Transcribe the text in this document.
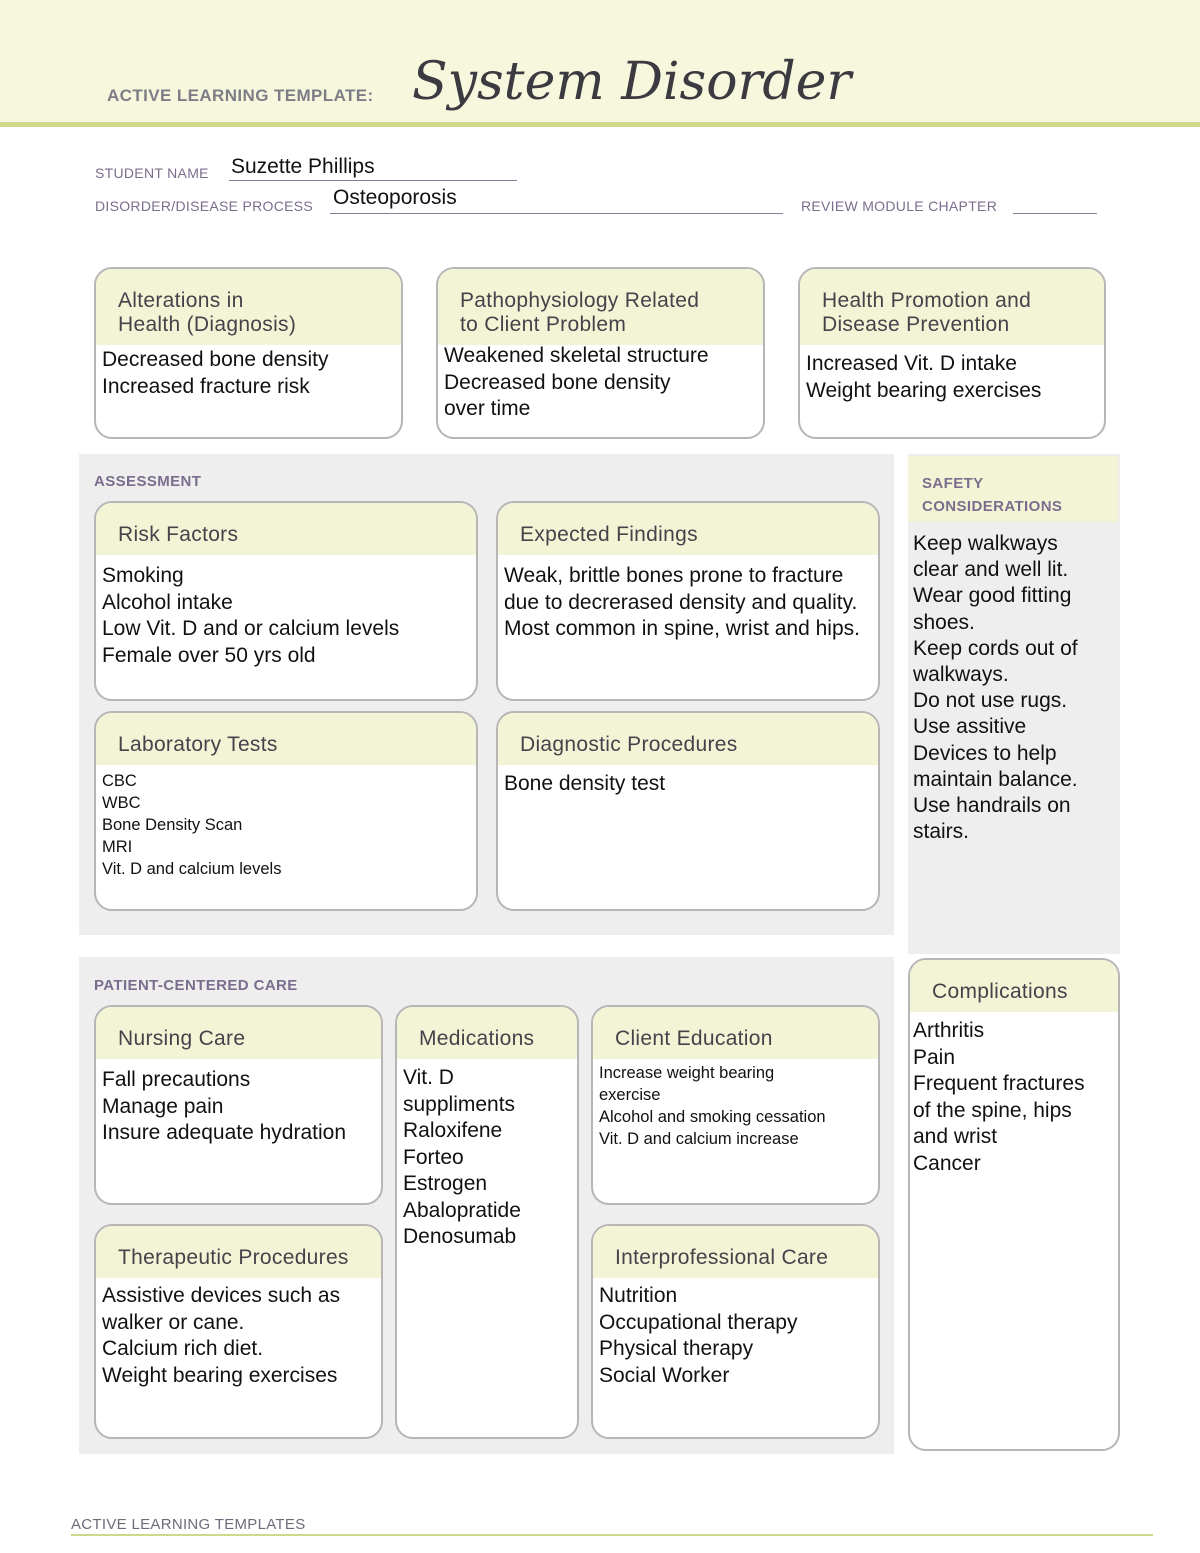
ACTIVE LEARNING TEMPLATE: System Disorder
STUDENT NAME Suzette Phillips
DISORDER/DISEASE PROCESS Osteoporosis	REVIEW MODULE CHAPTER
Alterations in
Health (Diagnosis)
Decreased bone density
Increased fracture risk
Pathophysiology Related
to Client Problem
Weakened skeletal structure
Decreased bone density
over time
Health Promotion and
Disease Prevention
Increased Vit. D intake
Weight bearing exercises
ASSESSMENT
Risk Factors
Smoking
Alcohol intake
Low Vit. D and or calcium levels
Female over 50 yrs old
Expected Findings
Weak, brittle bones prone to fracture due to decrerased density and quality. Most common in spine, wrist and hips.
Laboratory Tests
CBC
WBC
Bone Density Scan
MRI
Vit. D and calcium levels
Diagnostic Procedures
Bone density test
SAFETY
CONSIDERATIONS
Keep walkways
clear and well lit.
Wear good fitting
shoes.
Keep cords out of
walkways.
Do not use rugs.
Use assitive
Devices to help
maintain balance.
Use handrails on
stairs.
PATIENT-CENTERED CARE
Nursing Care
Fall precautions
Manage pain
Insure adequate hydration
Medications
Vit. D
suppliments
Raloxifene
Forteo
Estrogen
Abalopratide
Denosumab
Client Education
Increase weight bearing
exercise
Alcohol and smoking cessation
Vit. D and calcium increase
Therapeutic Procedures
Assistive devices such as
walker or cane.
Calcium rich diet.
Weight bearing exercises
Interprofessional Care
Nutrition
Occupational therapy
Physical therapy
Social Worker
Complications
Arthritis
Pain
Frequent fractures
of the spine, hips
and wrist
Cancer
ACTIVE LEARNING TEMPLATES
